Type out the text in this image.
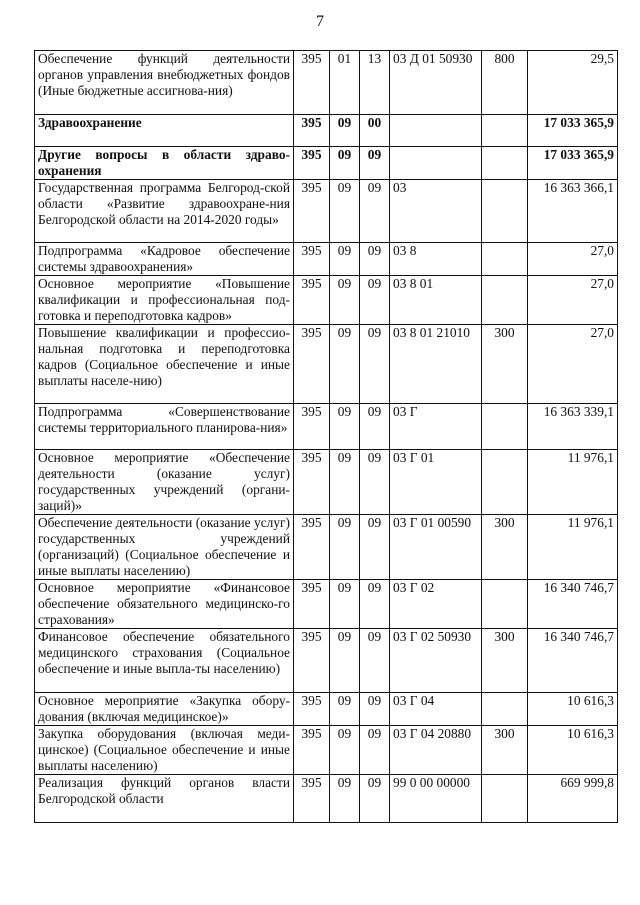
7
Обеспечение функций деятельности органов управления внебюджетных фондов (Иные бюджетные ассигнова-ния)	395	01	13	03 Д 01 50930	800	29,5
Здравоохранение	395	09	00			17 033 365,9
Другие вопросы в области здраво-охранения	395	09	09			17 033 365,9
Государственная программа Белгород-ской области «Развитие здравоохране-ния Белгородской области на 2014-2020 годы»	395	09	09	03		16 363 366,1
Подпрограмма «Кадровое обеспечение системы здравоохранения»	395	09	09	03 8		27,0
Основное мероприятие «Повышение квалификации и профессиональная под-готовка и переподготовка кадров»	395	09	09	03 8 01		27,0
Повышение квалификации и профессио-нальная подготовка и переподготовка кадров (Социальное обеспечение и иные выплаты населе-нию)	395	09	09	03 8 01 21010	300	27,0
Подпрограмма «Совершенствование системы территориального планирова-ния»	395	09	09	03 Г		16 363 339,1
Основное мероприятие «Обеспечение деятельности (оказание услуг) государственных учреждений (органи-заций)»	395	09	09	03 Г 01		11 976,1
Обеспечение деятельности (оказание услуг) государственных учреждений (организаций) (Социальное обеспечение и иные выплаты населению)	395	09	09	03 Г 01 00590	300	11 976,1
Основное мероприятие «Финансовое обеспечение обязательного медицинско-го страхования»	395	09	09	03 Г 02		16 340 746,7
Финансовое обеспечение обязательного медицинского страхования (Социальное обеспечение и иные выпла-ты населению)	395	09	09	03 Г 02 50930	300	16 340 746,7
Основное мероприятие «Закупка обору-дования (включая медицинское)»	395	09	09	03 Г 04		10 616,3
Закупка оборудования (включая меди-цинское) (Социальное обеспечение и иные выплаты населению)	395	09	09	03 Г 04 20880	300	10 616,3
Реализация функций органов власти Белгородской области	395	09	09	99 0 00 00000		669 999,8
